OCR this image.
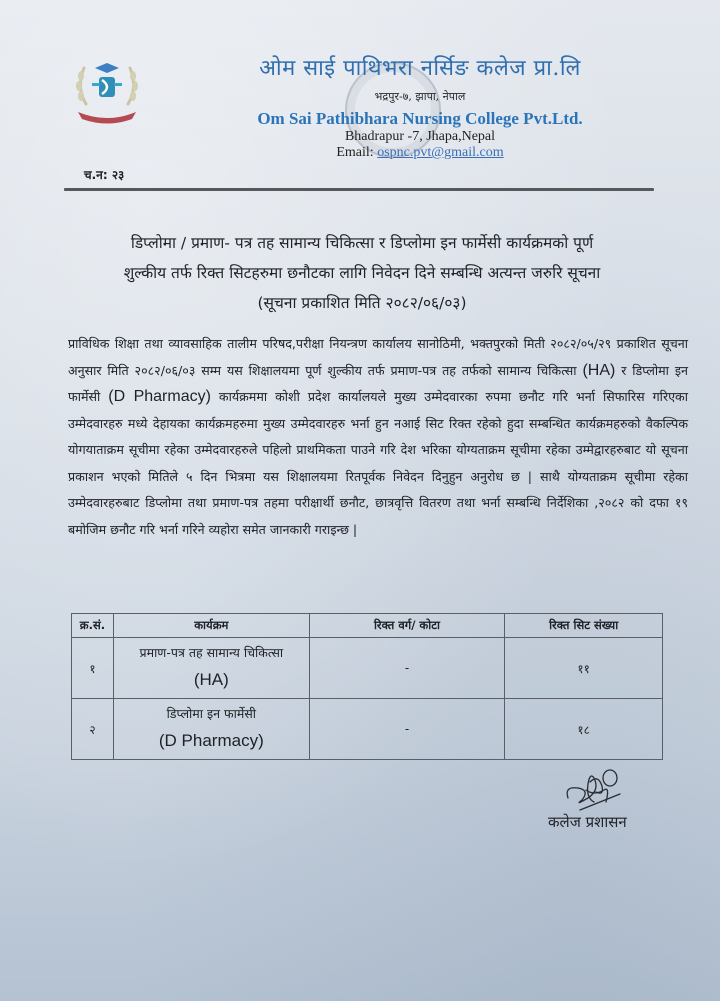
ओम साई पाथिभरा नर्सिङ कलेज प्रा.लि
भद्रपुर-७, झापा, नेपाल
Om Sai Pathibhara Nursing College Pvt.Ltd.
Bhadrapur -7, Jhapa,Nepal
Email: ospnc.pvt@gmail.com
च.न: २३
डिप्लोमा / प्रमाण- पत्र तह सामान्य चिकित्सा र डिप्लोमा इन फार्मेसी कार्यक्रमको पूर्ण
शुल्कीय तर्फ रिक्त सिटहरुमा छनौटका लागि निवेदन दिने सम्बन्धि अत्यन्त जरुरि सूचना
(सूचना प्रकाशित मिति २०८२/०६/०३)
प्राविधिक शिक्षा तथा व्यावसाहिक तालीम परिषद,परीक्षा नियन्त्रण कार्यालय सानोठिमी, भक्तपुरको मिती २०८२/०५/२९ प्रकाशित सूचना अनुसार मिति २०८२/०६/०३ सम्म यस शिक्षालयमा पूर्ण शुल्कीय तर्फ प्रमाण-पत्र तह तर्फको सामान्य चिकित्सा (HA) र डिप्लोमा इन फार्मेसी (D Pharmacy) कार्यक्रममा कोशी प्रदेश कार्यालयले मुख्य उम्मेदवारका रुपमा छनौट गरि भर्ना सिफारिस गरिएका उम्मेदवारहरु मध्ये देहायका कार्यक्रमहरुमा मुख्य उम्मेदवारहरु भर्ना हुन नआई सिट रिक्त रहेको हुदा सम्बन्धित कार्यक्रमहरुको वैकल्पिक योगयाताक्रम सूचीमा रहेका उम्मेदवारहरुले पहिलो प्राथमिकता पाउने गरि देश भरिका योग्यताक्रम सूचीमा रहेका उम्मेद्वारहरुबाट यो सूचना प्रकाशन भएको मितिले ५ दिन भित्रमा यस शिक्षालयमा रितपूर्वक निवेदन दिनुहुन अनुरोध छ | साथै योग्यताक्रम सूचीमा रहेका उम्मेदवारहरुबाट डिप्लोमा तथा प्रमाण-पत्र तहमा परीक्षार्थी छनौट, छात्रवृत्ति वितरण तथा भर्ना सम्बन्धि निर्देशिका ,२०८२ को दफा १९ बमोजिम छनौट गरि भर्ना गरिने व्यहोरा समेत जानकारी गराइन्छ |
क्र.सं.	कार्यक्रम	रिक्त वर्ग/ कोटा	रिक्त सिट संख्या
१	प्रमाण-पत्र तह सामान्य चिकित्सा
(HA)	-	११
२	डिप्लोमा इन फार्मेसी
(D Pharmacy)	-	१८
कलेज प्रशासन
